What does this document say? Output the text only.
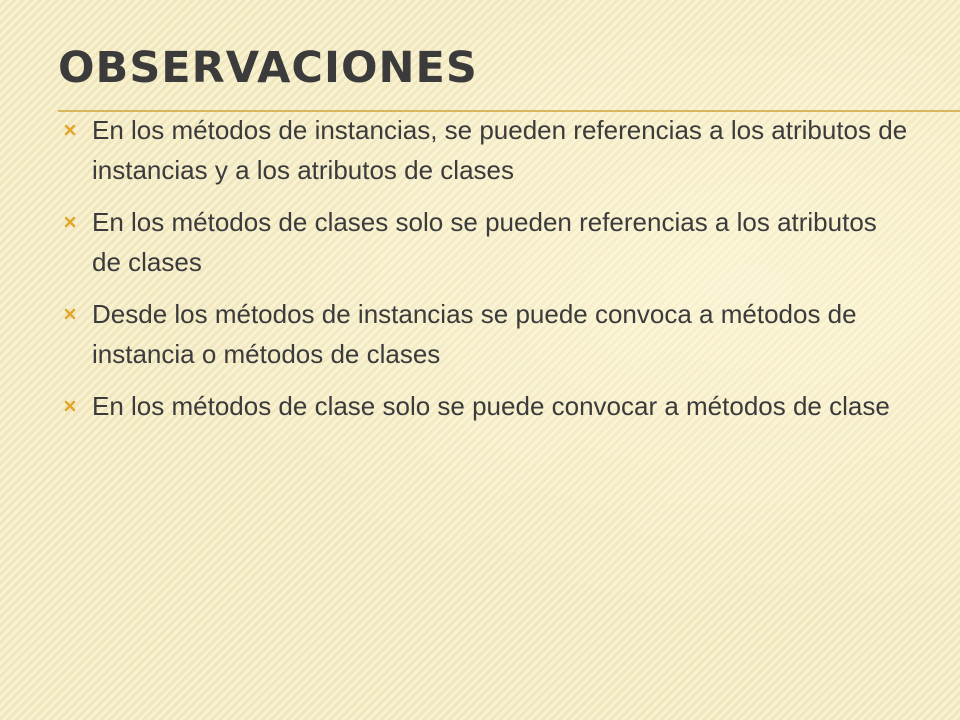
OBSERVACIONES
En los métodos de instancias, se pueden referencias a los atributos de instancias y a los atributos de clases
En los métodos de clases solo se pueden referencias a los atributos de clases
Desde los métodos de instancias se puede convoca a métodos de instancia o métodos de clases
En los métodos de clase solo se puede convocar a métodos de clase
